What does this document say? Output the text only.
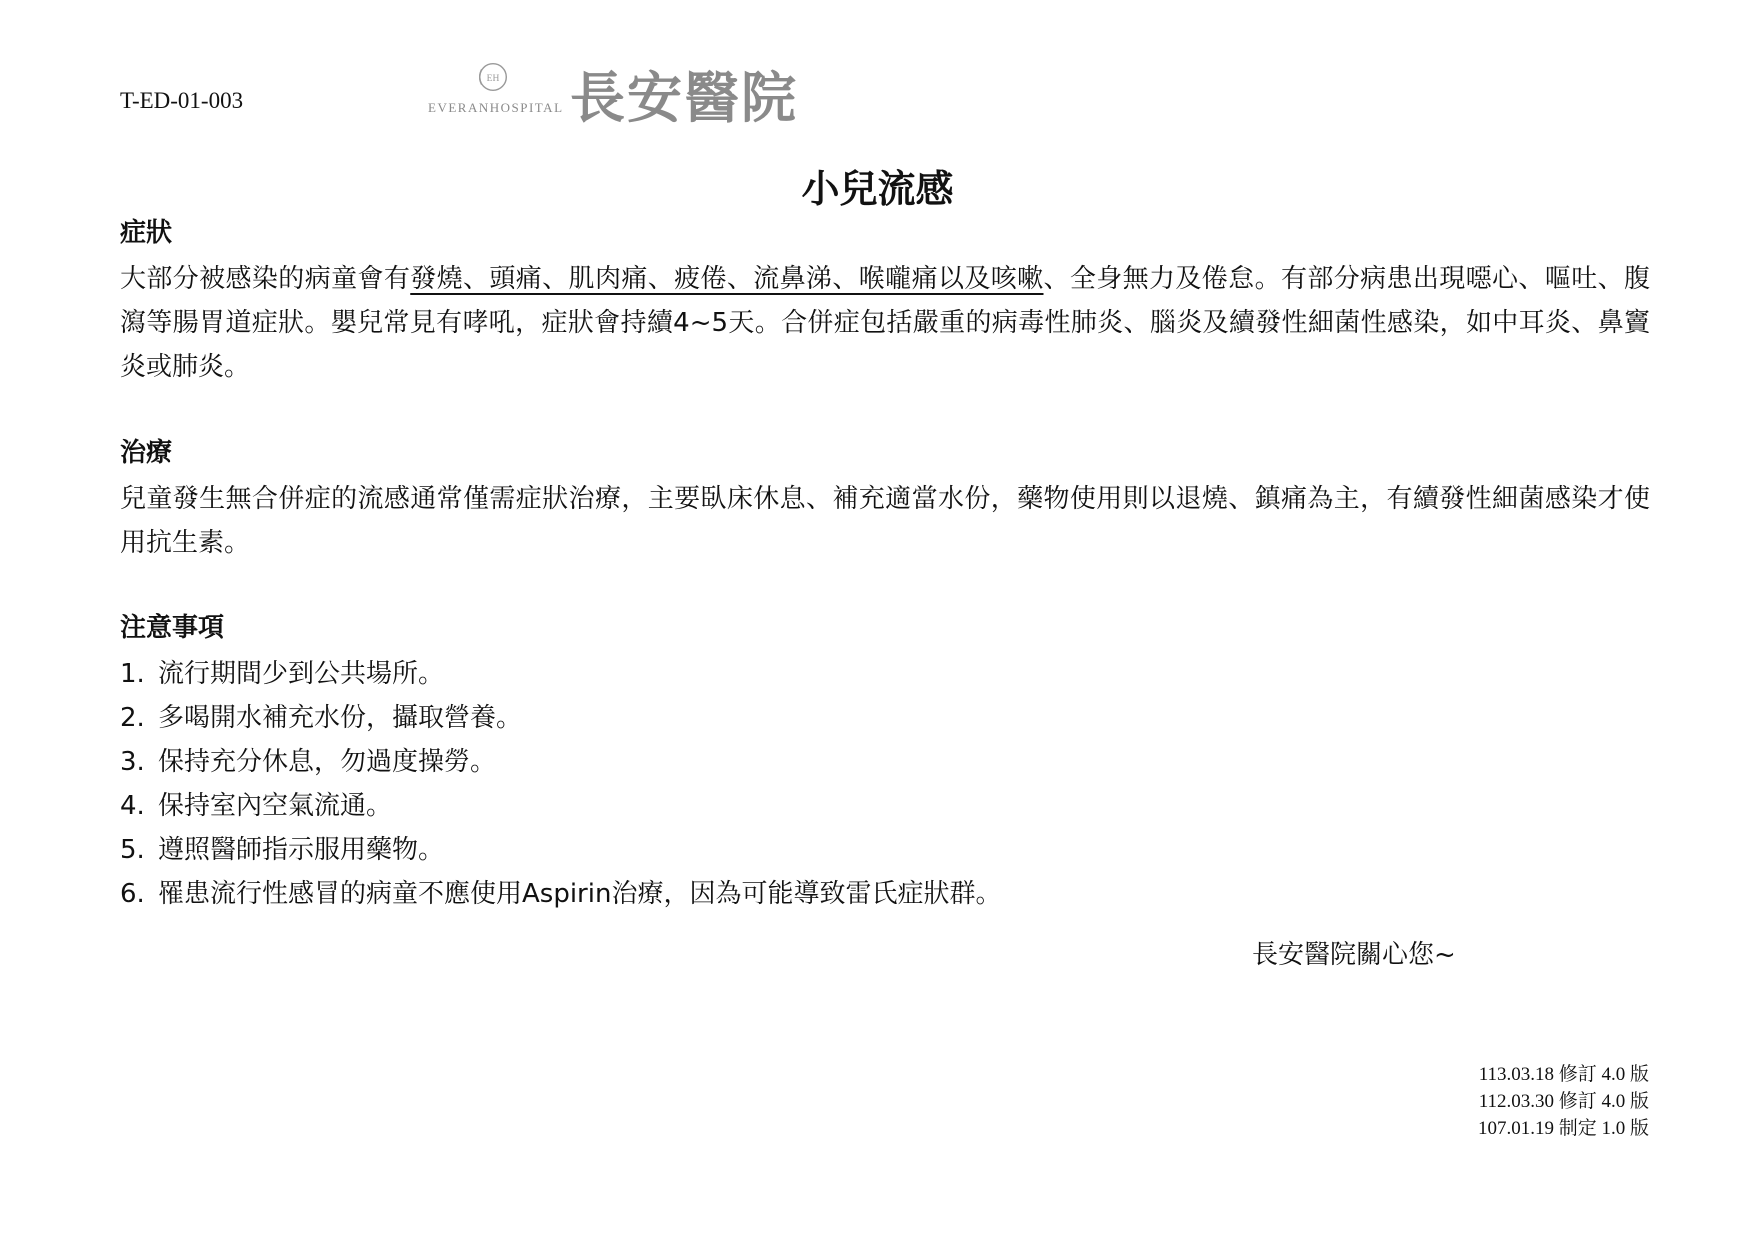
T-ED-01-003
EH
EVERANHOSPITAL 長安醫院
小兒流感

症狀

大部分被感染的病童會有發燒、頭痛、肌肉痛、疲倦、流鼻涕、喉嚨痛以及咳嗽、全身無力及倦怠。有部分病患出現噁心、嘔吐、腹瀉等腸胃道症狀。嬰兒常見有哮吼，症狀會持續4~5天。合併症包括嚴重的病毒性肺炎、腦炎及續發性細菌性感染，如中耳炎、鼻竇炎或肺炎。

治療

兒童發生無合併症的流感通常僅需症狀治療，主要臥床休息、補充適當水份，藥物使用則以退燒、鎮痛為主，有續發性細菌感染才使用抗生素。

注意事項

1. 流行期間少到公共場所。
2. 多喝開水補充水份，攝取營養。
3. 保持充分休息，勿過度操勞。
4. 保持室內空氣流通。
5. 遵照醫師指示服用藥物。
6. 罹患流行性感冒的病童不應使用Aspirin治療，因為可能導致雷氏症狀群。
長安醫院關心您~
113.03.18 修訂 4.0 版
112.03.30 修訂 4.0 版
107.01.19 制定 1.0 版
